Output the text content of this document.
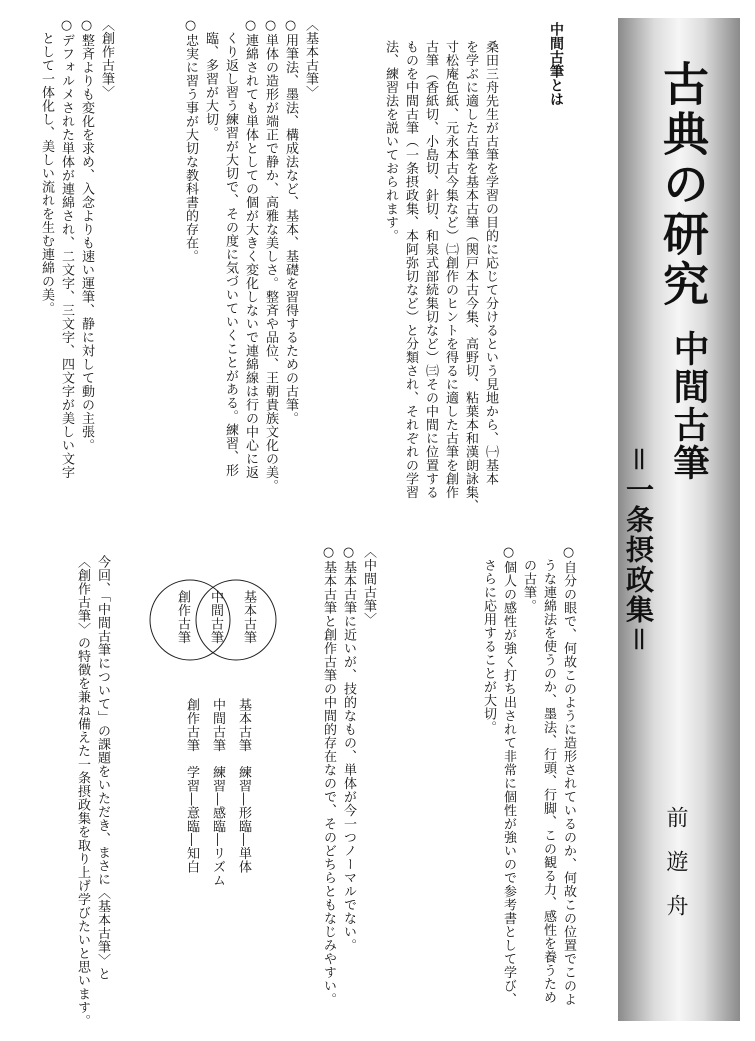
古典の研究
中間古筆
＝一条摂政集＝
前遊舟
中間古筆とは
桑田三舟先生が古筆を学習の目的に応じて分けるという見地から、㈠基本
を学ぶに適した古筆を基本古筆（関戸本古今集、高野切、粘葉本和漢朗詠集、
寸松庵色紙、元永本古今集など）㈡創作のヒントを得るに適した古筆を創作
古筆（香紙切、小島切、針切、和泉式部続集切など）㈢その中間に位置する
ものを中間古筆（一条摂政集、本阿弥切など）と分類され、それぞれの学習
法、練習法を説いておられます。
〈基本古筆〉
○用筆法、墨法、構成法など、基本、基礎を習得するための古筆。
○単体の造形が端正で静か、高雅な美しさ。整斉や品位、王朝貴族文化の美。
○連綿されても単体としての個が大きく変化しないで連綿線は行の中心に返
　くり返し習う練習が大切で、その度に気づいていくことがある。練習、形
　臨、多習が大切。
○忠実に習う事が大切な教科書的存在。
〈創作古筆〉
○整斉よりも変化を求め、入念よりも速い運筆、静に対して動の主張。
○デフォルメされた単体が連綿され、二文字、三文字、四文字が美しい文字
　として一体化し、美しい流れを生む連綿の美。
○自分の眼で、何故このように造形されているのか、何故この位置でこのよ
　うな連綿法を使うのか、墨法、行頭、行脚、この観る力、感性を養うため
　の古筆。
○個人の感性が強く打ち出されて非常に個性が強いので参考書として学び、
　さらに応用することが大切。
〈中間古筆〉
○基本古筆に近いが、技的なもの、単体が今一つノーマルでない。
○基本古筆と創作古筆の中間的存在なので、そのどちらともなじみやすい。
基本古筆
中間古筆
創作古筆
基本古筆　練習―形臨―単体
中間古筆　練習―感臨―リズム
創作古筆　学習―意臨―知白
今回、「中間古筆について」の課題をいただき、まさに〈基本古筆〉と
〈創作古筆〉の特徴を兼ね備えた一条摂政集を取り上げ学びたいと思います。
